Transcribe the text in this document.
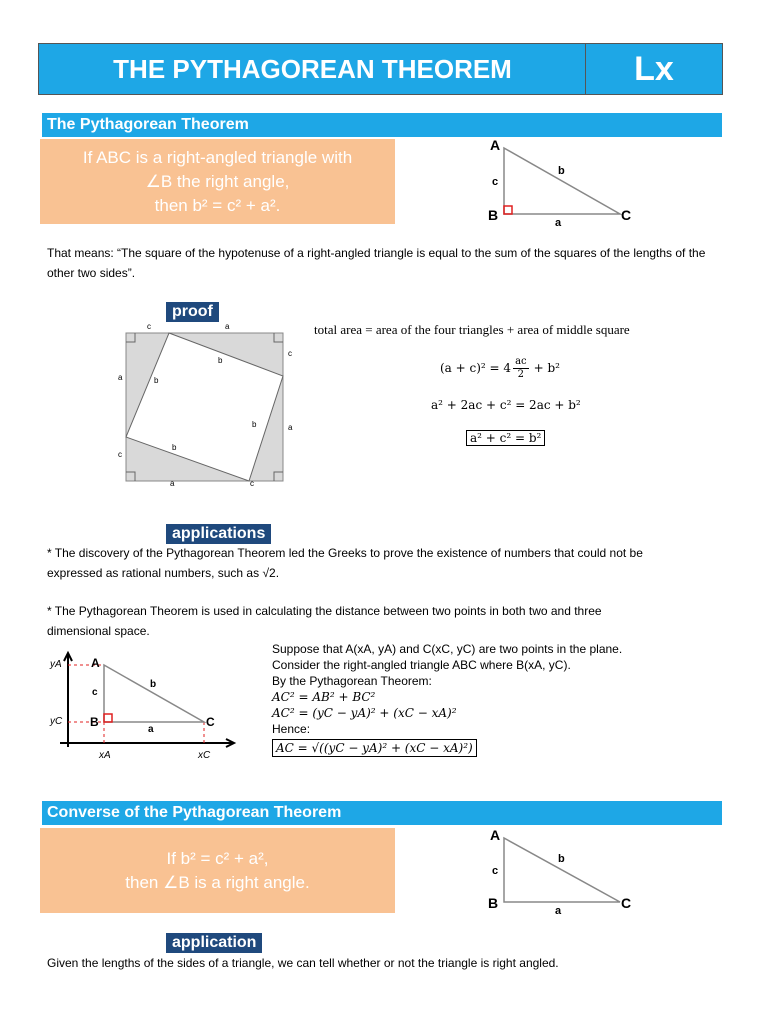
THE PYTHAGOREAN THEOREM	Lx
The Pythagorean Theorem
If ABC is a right-angled triangle with
∠B the right angle,
then b² = c² + a².
A
B	C
c
b
a
That means: “The square of the hypotenuse of a right-angled triangle is equal to the sum of the squares of the lengths of the other two sides”.
proof
c	a
a
c
c
a
a	c
b
b
b
b
total area = area of the four triangles + area of middle square
$(a + c)^2 = 4 \frac{ac}{2} + b^2$
a² + 2ac + c² = 2ac + b²
a² + c² = b²
applications
* The discovery of the Pythagorean Theorem led the Greeks to prove the existence of numbers that could not be
expressed as rational numbers, such as √2.
* The Pythagorean Theorem is used in calculating the distance between two points in both two and three
dimensional space.
A
B	C
c
b
a
yA
yC
xA	xC
Suppose that A(xA, yA) and C(xC, yC) are two points in the plane.
Consider the right-angled triangle ABC where B(xA, yC).
By the Pythagorean Theorem:
AC² = AB² + BC²
AC² = (yC − yA)² + (xC − xA)²
Hence:
AC = √((yC − yA)² + (xC − xA)²)
Converse of the Pythagorean Theorem
If b² = c² + a²,
then ∠B is a right angle.
A
B	C
c
b
a
application
Given the lengths of the sides of a triangle, we can tell whether or not the triangle is right angled.
